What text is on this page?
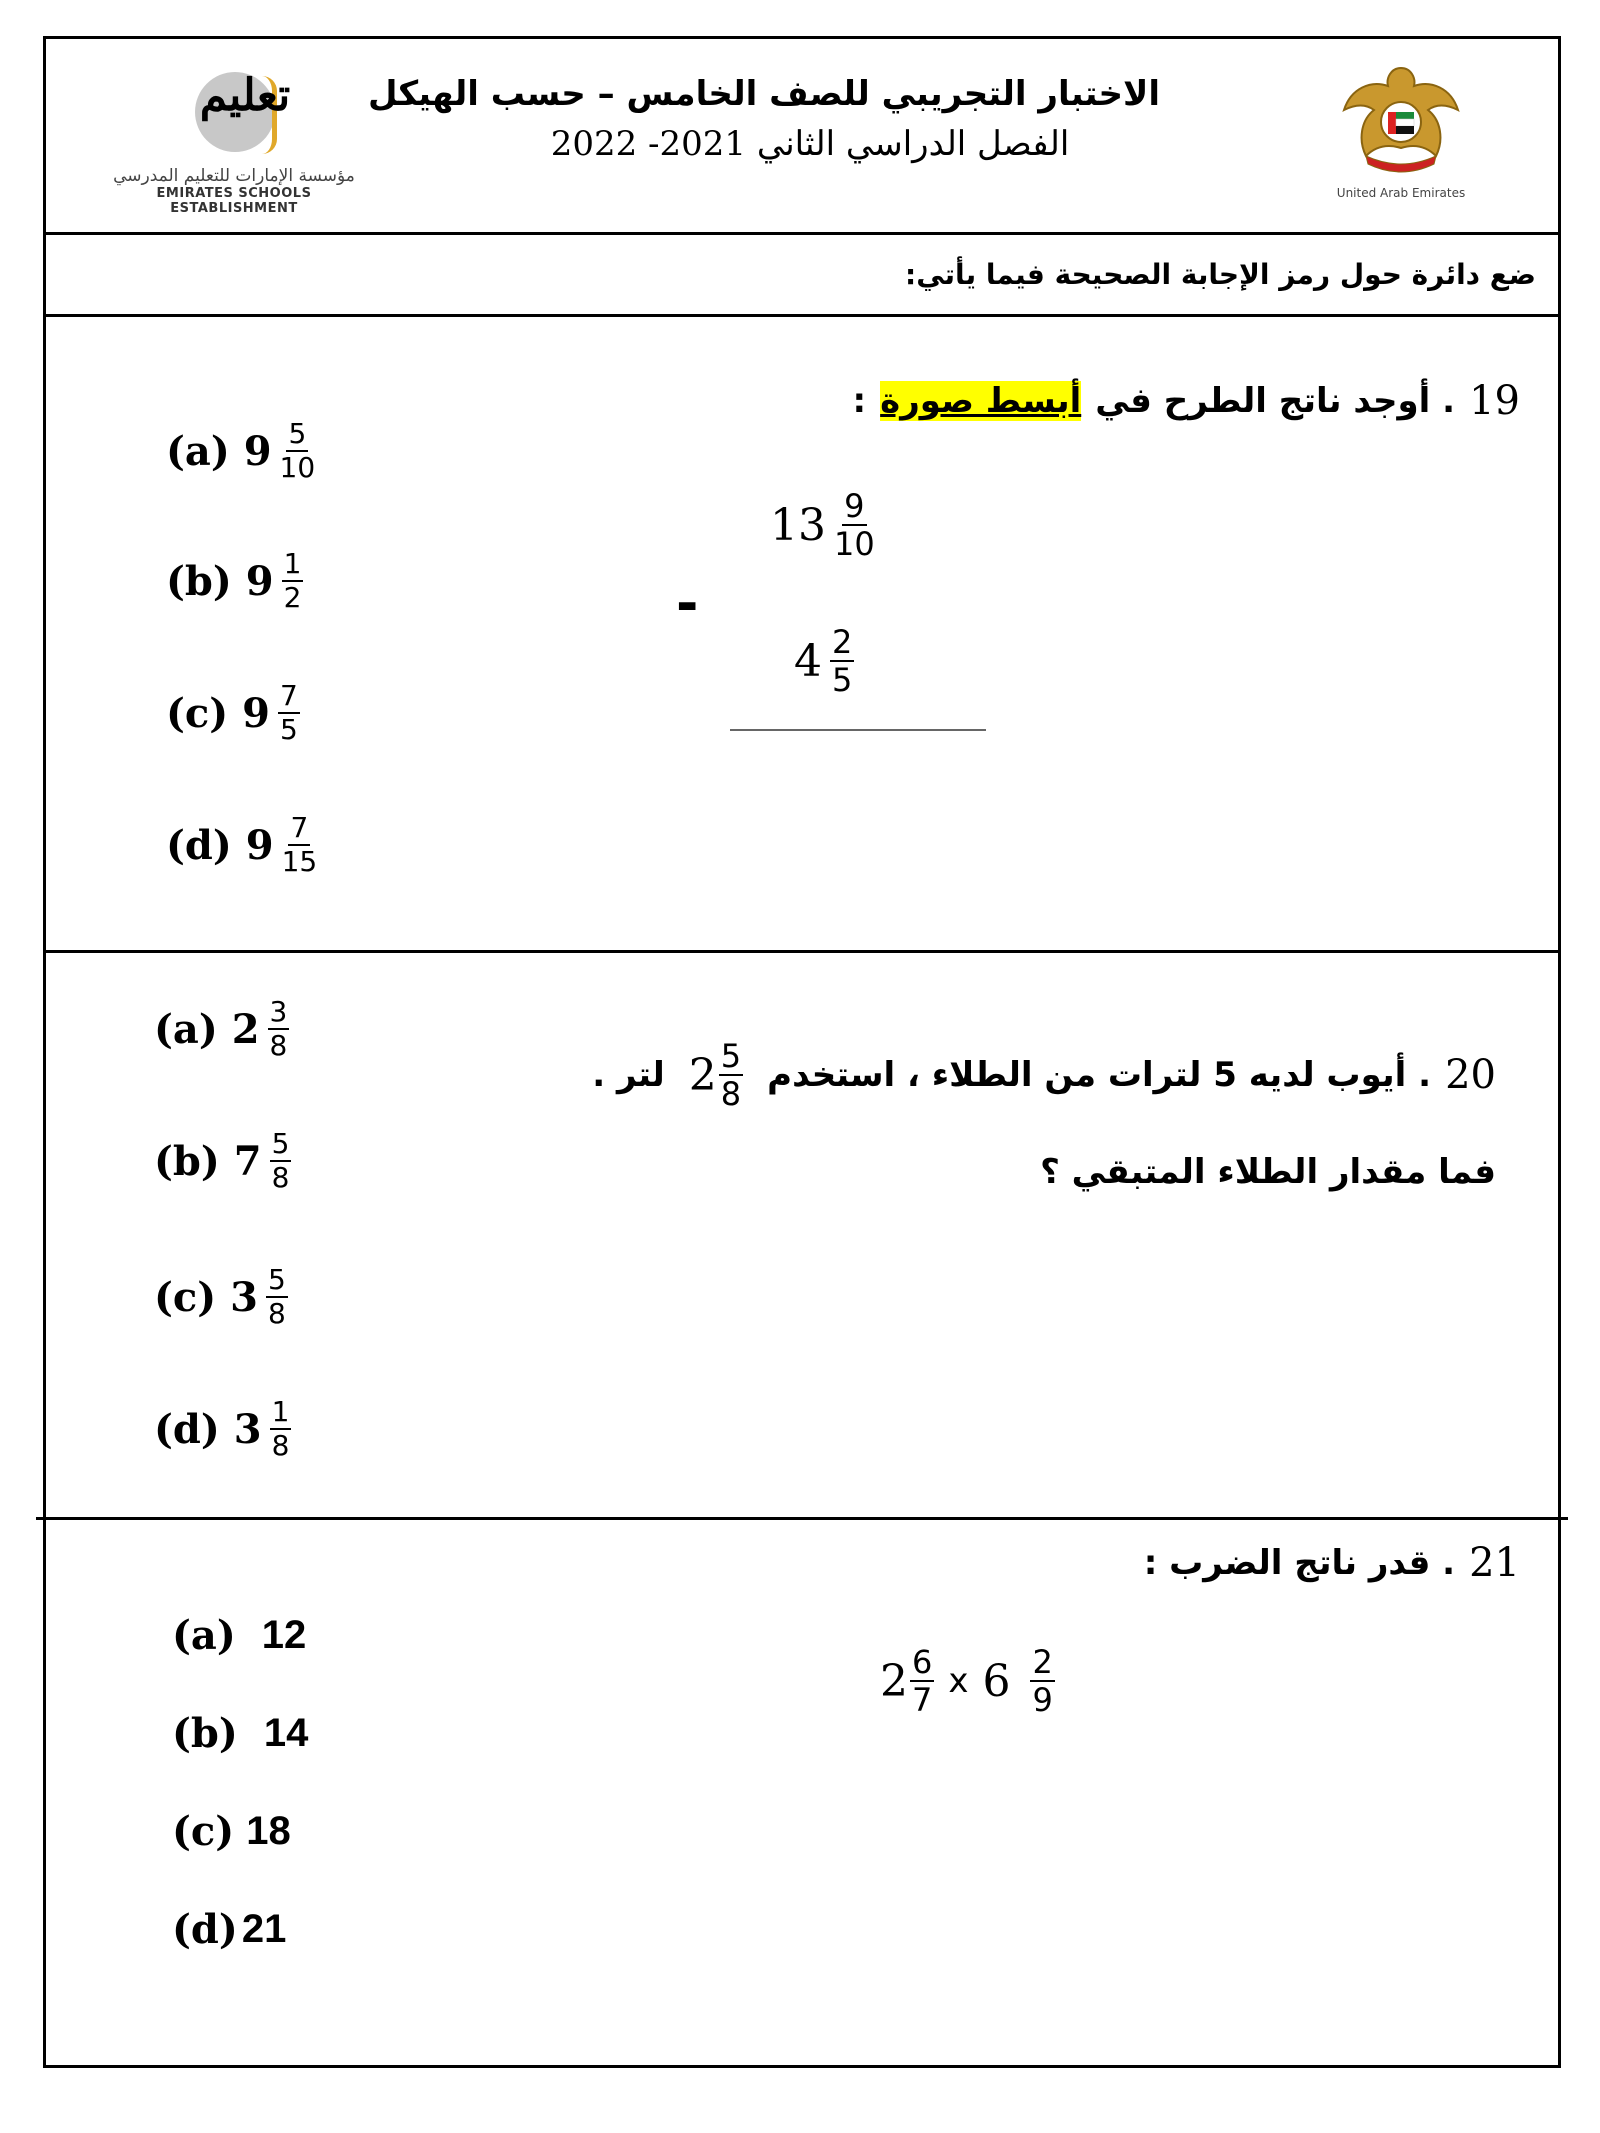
تعليم
مؤسسة الإمارات للتعليم المدرسي
EMIRATES SCHOOLS ESTABLISHMENT
الاختبار التجريبي للصف الخامس – حسب الهيكل
الفصل الدراسي الثاني 2021- 2022
United Arab Emirates
ضع دائرة حول رمز الإجابة الصحيحة فيما يأتي:
: أبسط صورة . أوجد ناتج الطرح في 19
$13 \frac{9}{10}$
-
$4 \frac{2}{5}$
(a) $9 \frac{5}{10}$
(b) $9 \frac{1}{2}$
(c) $9 \frac{7}{5}$
(d) $9 \frac{7}{15}$
لتر . $2 \frac{5}{8}$ . أيوب لديه 5 لترات من الطلاء ، استخدم 20
فما مقدار الطلاء المتبقي ؟
(a) $2 \frac{3}{8}$
(b) $7 \frac{5}{8}$
(c) $3 \frac{5}{8}$
(d) $3 \frac{1}{8}$
. قدر ناتج الضرب : 21
$2 \frac{6}{7}$ x $6 \frac{2}{9}$
(a) 12
(b) 14
(c) 18
(d) 21
